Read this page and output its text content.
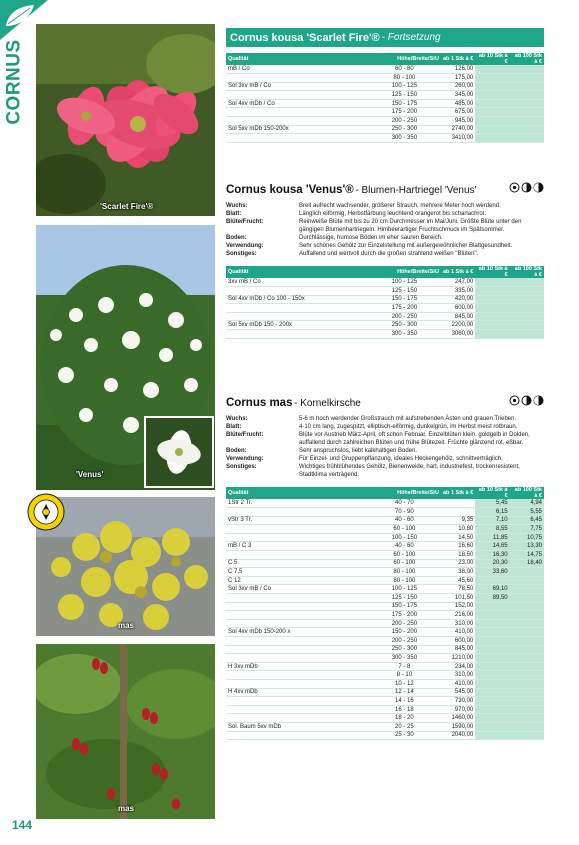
CORNUS
'Scarlet Fire'®
'Venus'
mas
mas
144
Cornus kousa 'Scarlet Fire'® - Fortsetzung
Qualität	Höhe/Breite/StU	ab 1 Stk à €	ab 10 Stk à €	ab 100 Stk à €
mB / Co	60 - 80	126,00		
	80 - 100	175,00		
Sol 3xv mB / Co	100 - 125	260,00		
	125 - 150	345,00		
Sol 4xv mDb / Co	150 - 175	485,00		
	175 - 200	675,00		
	200 - 250	945,00		
Sol 5xv mDb 150-200x	250 - 300	2740,00		
	300 - 350	3410,00		
Cornus kousa 'Venus'® - Blumen-Hartriegel 'Venus'
Wuchs:	Breit aufrecht wachsender, größerer Strauch, mehrere Meter hoch werdend.
Blatt:	Länglich eiförmig, Herbstfärbung leuchtend orangerot bis scharlachrot.
Blüte/Frucht:	Reinweiße Blüte mit bis zu 20 cm Durchmesser im Mai/Juni. Größte Blüte unter den gängigen Blumenhartriegeln. Himbeerartiger Fruchtschmuck im Spätsommer.
Boden:	Durchlässige, humose Böden im eher sauren Bereich.
Verwendung:	Sehr schönes Gehölz zur Einzelstellung mit außergewöhnlicher Blattgesundheit.
Sonstiges:	Auffallend und wertvoll durch die großen strahlend weißen "Blüten".
Qualität	Höhe/Breite/StU	ab 1 Stk à €	ab 10 Stk à €	ab 100 Stk à €
3xv mB / Co	100 - 125	247,00		
	125 - 150	335,00		
Sol 4xv mDb / Co 100 - 150x	150 - 175	420,00		
	175 - 200	600,00		
	200 - 250	845,00		
Sol 5xv mDb 150 - 200x	250 - 300	2200,00		
	300 - 350	3060,00		
Cornus mas - Kornelkirsche
Wuchs:	5-6 m hoch werdender Großstrauch mit aufstrebenden Ästen und grauen Trieben.
Blatt:	4-10 cm lang, zugespitzt, elliptisch-eiförmig, dunkelgrün, im Herbst meist rotbraun.
Blüte/Frucht:	Blüte vor Austrieb März-April, oft schon Februar, Einzelblüten klein, goldgelb in Dolden, auffallend durch zahlreichen Blüten und frühe Blütezeit. Früchte glänzend rot, eßbar.
Boden:	Sehr anspruchslos, liebt kalkhaltigen Boden.
Verwendung:	Für Einzel- und Gruppenpflanzung, ideales Heckengehölz, schnittverträglich.
Sonstiges:	Wichtiges frühblühendes Gehölz, Bienenweide, hart, industriefest, trockenresistent, Stadtklima verträgend.
Qualität	Höhe/Breite/StU	ab 1 Stk à €	ab 10 Stk à €	ab 100 Stk à €
1Str 2 Tr.	40 - 70		5,45	4,94
	70 - 90		6,15	5,55
vStr 3 Tr.	40 - 60	9,35	7,10	6,45
	60 - 100	10,80	8,55	7,75
	100 - 150	14,50	11,85	10,75
mB / C 3	40 - 60	16,60	14,65	13,30
	60 - 100	18,50	16,30	14,75
C 5	60 - 100	23,00	20,30	18,40
C 7,5	80 - 100	38,00	33,60	
C 12	80 - 100	45,60		
Sol 3xv mB / Co	100 - 125	78,50	69,10	
	125 - 150	101,50	89,50	
	150 - 175	152,00		
	175 - 200	216,00		
	200 - 250	310,00		
Sol 4xv mDb 150-200 x	150 - 200	410,00		
	200 - 250	600,00		
	250 - 300	845,00		
	300 - 350	1210,00		
H 3xv mDb	7 - 8	234,00		
	8 - 10	310,00		
	10 - 12	410,00		
H 4xv mDb	12 - 14	545,00		
	14 - 16	730,00		
	16 - 18	970,00		
	18 - 20	1460,00		
Sol. Baum 5xv mDb	20 - 25	1590,00		
	25 - 30	2040,00		
